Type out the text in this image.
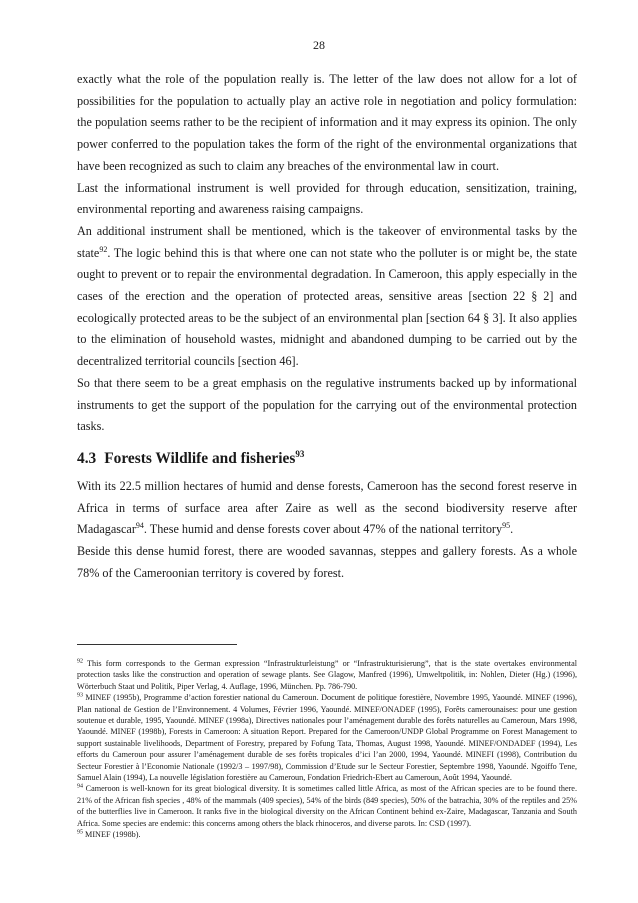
28

exactly what the role of the population really is. The letter of the law does not allow for a lot of possibilities for the population to actually play an active role in negotiation and policy formulation: the population seems rather to be the recipient of information and it may express its opinion. The only power conferred to the population takes the form of the right of the environmental organizations that have been recognized as such to claim any breaches of the environmental law in court.

Last the informational instrument is well provided for through education, sensitization, training, environmental reporting and awareness raising campaigns.

An additional instrument shall be mentioned, which is the takeover of environmental tasks by the state$^{92}$. The logic behind this is that where one can not state who the polluter is or might be, the state ought to prevent or to repair the environmental degradation. In Cameroon, this apply especially in the cases of the erection and the operation of protected areas, sensitive areas [section 22 § 2] and ecologically protected areas to be the subject of an environmental plan [section 64 § 3]. It also applies to the elimination of household wastes, midnight and abandoned dumping to be carried out by the decentralized territorial councils [section 46].

So that there seem to be a great emphasis on the regulative instruments backed up by informational instruments to get the support of the population for the carrying out of the environmental protection tasks.

4.3 Forests Wildlife and fisheries$^{93}$

With its 22.5 million hectares of humid and dense forests, Cameroon has the second forest reserve in Africa in terms of surface area after Zaire as well as the second biodiversity reserve after Madagascar$^{94}$. These humid and dense forests cover about 47% of the national territory$^{95}$.

Beside this dense humid forest, there are wooded savannas, steppes and gallery forests. As a whole 78% of the Cameroonian territory is covered by forest.

$^{92}$ This form corresponds to the German expression “Infrastrukturleistung” or “Infrastrukturisierung”, that is the state overtakes environmental protection tasks like the construction and operation of sewage plants. See Glagow, Manfred (1996), Umweltpolitik, in: Nohlen, Dieter (Hg.) (1996), Wörterbuch Staat und Politik, Piper Verlag, 4. Auflage, 1996, München. Pp. 786-790.

$^{93}$ MINEF (1995b), Programme d’action forestier national du Cameroun. Document de politique forestière, Novembre 1995, Yaoundé. MINEF (1996), Plan national de Gestion de l’Environnement. 4 Volumes, Février 1996, Yaoundé. MINEF/ONADEF (1995), Forêts camerounaises: pour une gestion soutenue et durable, 1995, Yaoundé. MINEF (1998a), Directives nationales pour l’aménagement durable des forêts naturelles au Cameroun, Mars 1998, Yaoundé. MINEF (1998b), Forests in Cameroon: A situation Report. Prepared for the Cameroon/UNDP Global Programme on Forest Management to support sustainable livelihoods, Department of Forestry, prepared by Fofung Tata, Thomas, August 1998, Yaoundé. MINEF/ONDADEF (1994), Les efforts du Cameroun pour assurer l’aménagement durable de ses forêts tropicales d’ici l’an 2000, 1994, Yaoundé. MINEFI (1998), Contribution du Secteur Forestier à l’Economie Nationale (1992/3 – 1997/98), Commission d’Etude sur le Secteur Forestier, Septembre 1998, Yaoundé. Ngoiffo Tene, Samuel Alain (1994), La nouvelle législation forestière au Cameroun, Fondation Friedrich-Ebert au Cameroun, Août 1994, Yaoundé.

$^{94}$ Cameroon is well-known for its great biological diversity. It is sometimes called little Africa, as most of the African species are to be found there. 21% of the African fish species , 48% of the mammals (409 species), 54% of the birds (849 species), 50% of the batrachia, 30% of the reptiles and 25% of the butterflies live in Cameroon. It ranks five in the biological diversity on the African Continent behind ex-Zaire, Madagascar, Tanzania and South Africa. Some species are endemic: this concerns among others the black rhinoceros, and diverse parots. In: CSD (1997).

$^{95}$ MINEF (1998b).
